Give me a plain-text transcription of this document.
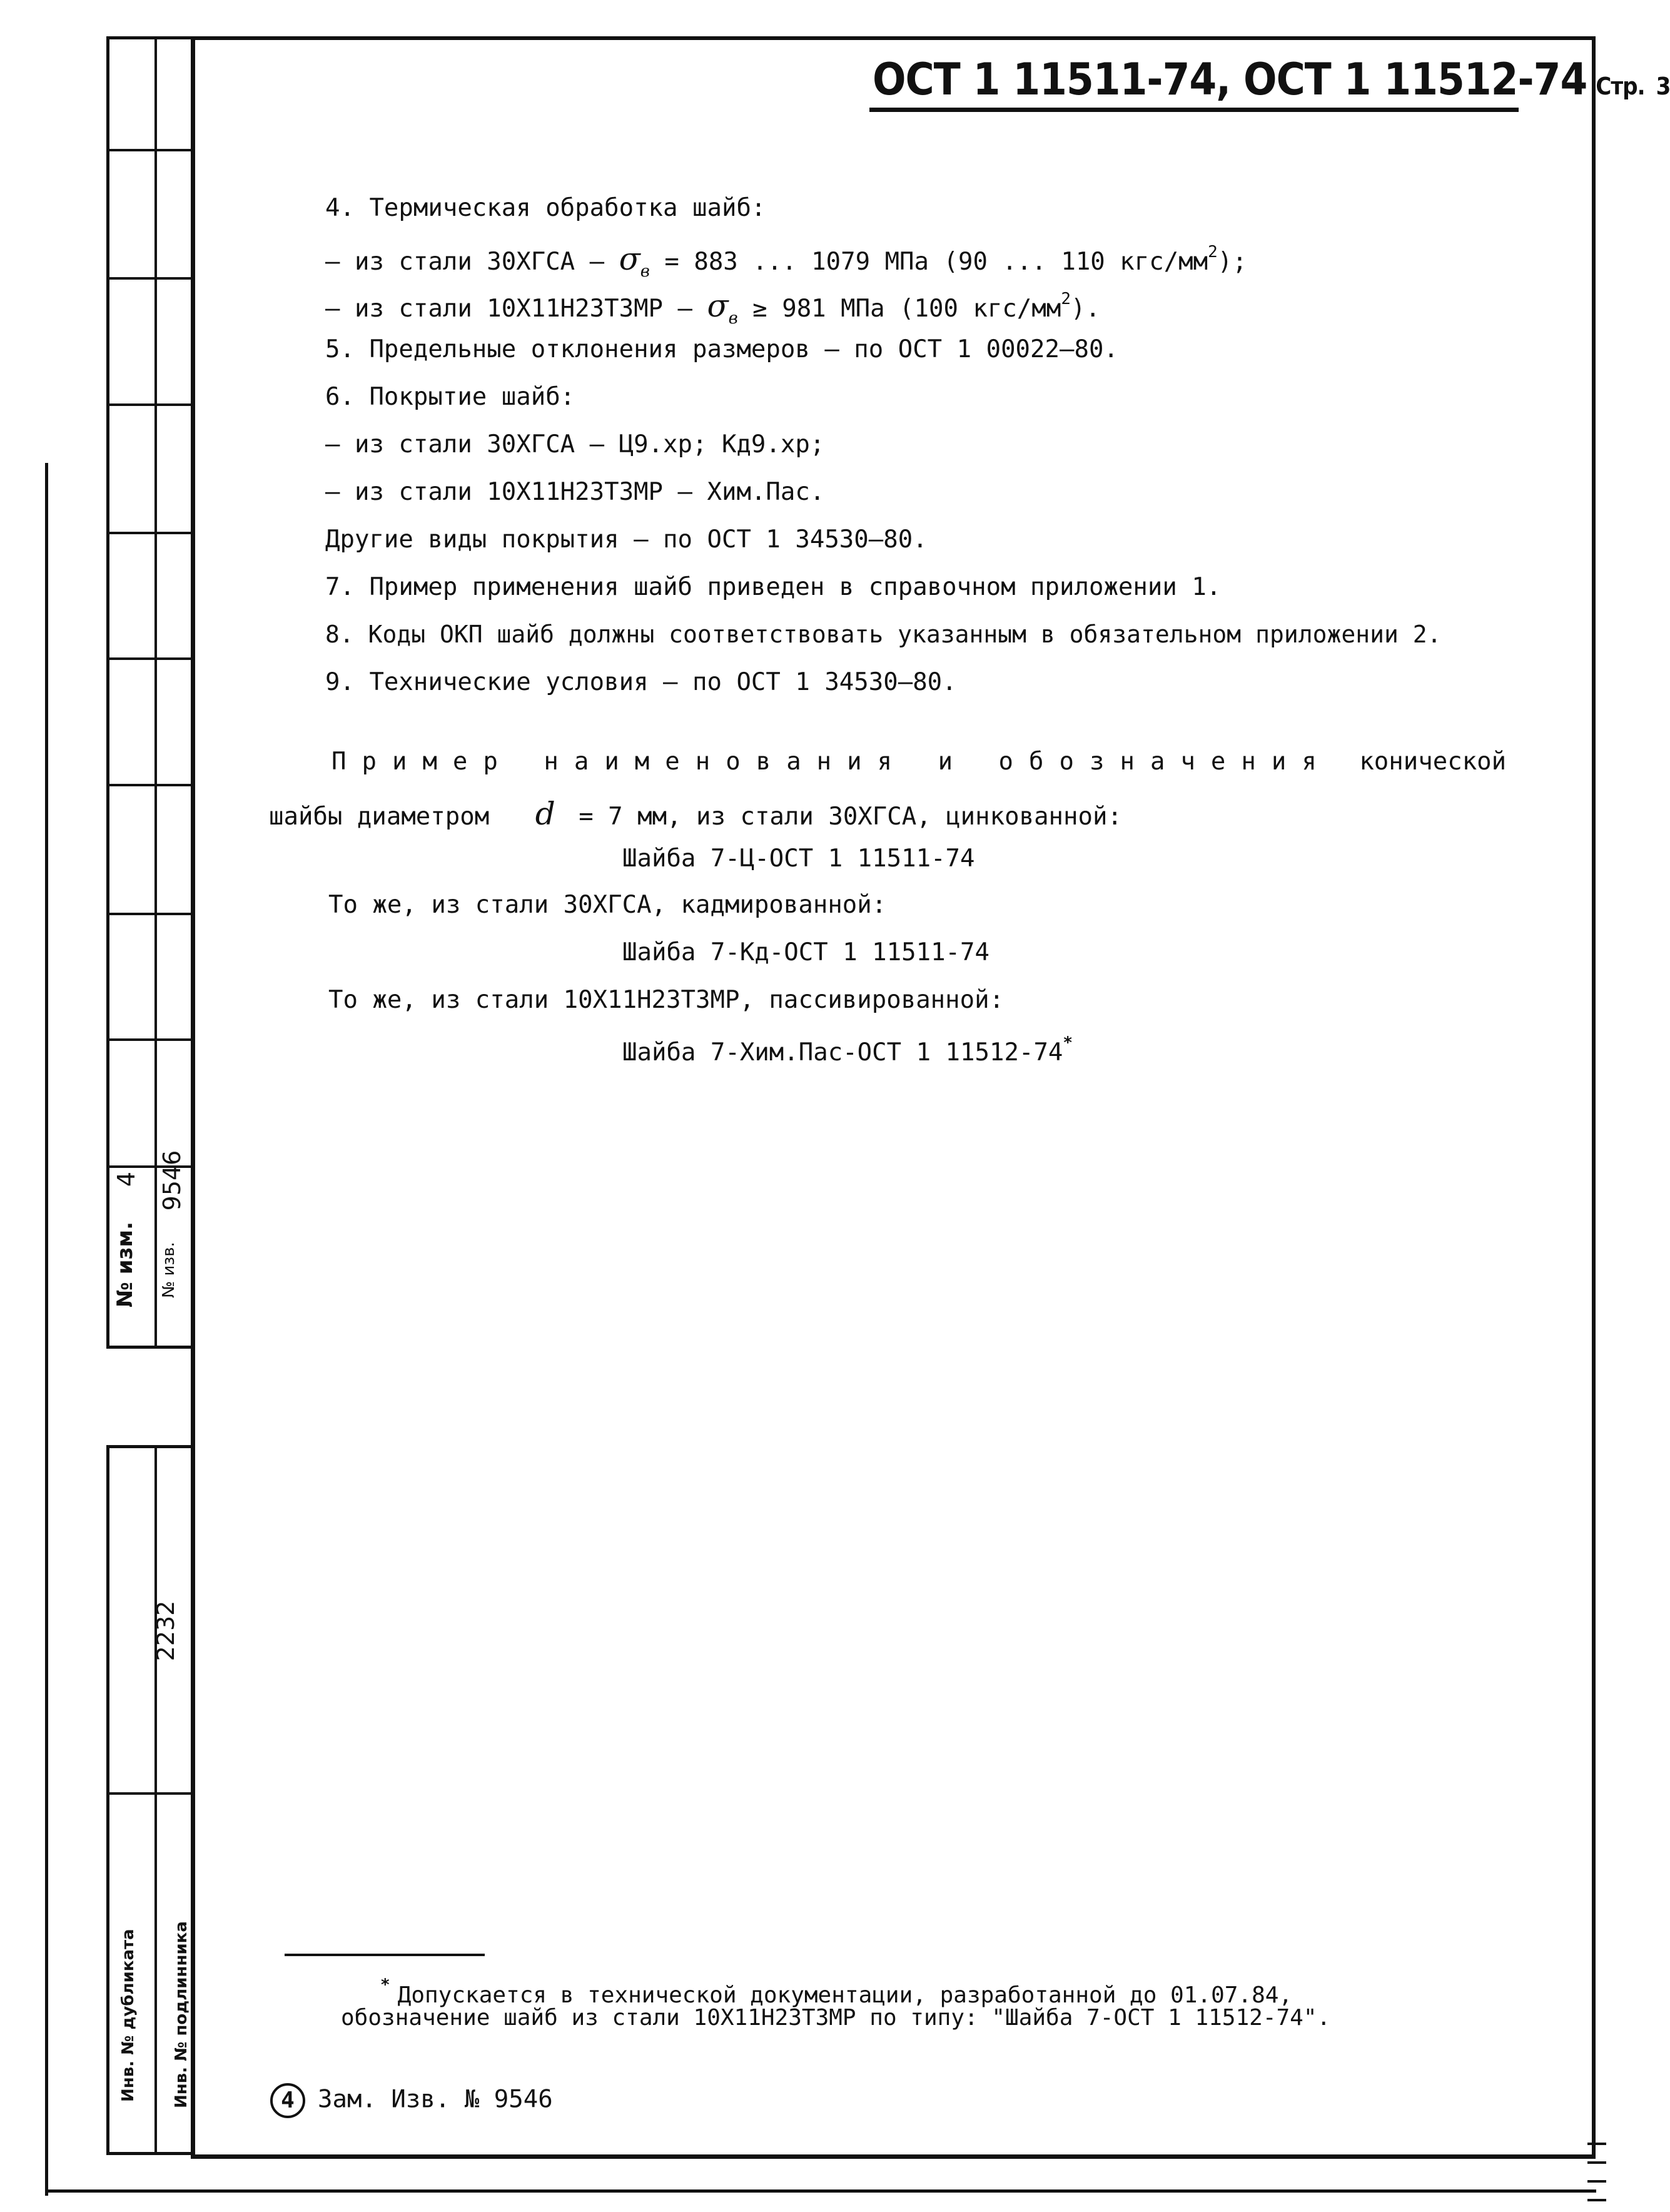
№ изм.
4
№ изв.
9546
Инв. № дубликата	Инв. № подлинника
2232
ОСТ 1 11511-74, ОСТ 1 11512-74 Стр. 3
4. Термическая обработка шайб:
– из стали 30ХГСА – $\sigma_в = 883$ ... 1079 МПа (90 ... 110 кгс/$мм^2$);
– из стали $10Х11Н23Т3МР - \sigma_в \ge 981$ МПа (100 кгс/$мм^2$).
5. Предельные отклонения размеров – по ОСТ 1 00022–80.
6. Покрытие шайб:
– из стали 30ХГСА – Ц9.хр; Кд9.хр;
– из стали 10Х11Н23Т3МР – Хим.Пас.
Другие виды покрытия – по ОСТ 1 34530–80.
7. Пример применения шайб приведен в справочном приложении 1.
8. Коды ОКП шайб должны соответствовать указанным в обязательном приложении 2.
9. Технические условия – по ОСТ 1 34530–80.
Пример наименования и обозначения конической
шайбы диаметром d = 7 мм, из стали 30ХГСА, цинкованной:
Шайба 7-Ц-ОСТ 1 11511-74
То же, из стали 30ХГСА, кадмированной:
Шайба 7-Кд-ОСТ 1 11511-74
То же, из стали 10Х11Н23Т3МР, пассивированной:
Шайба 7-Хим.Пас-ОСТ 1 11512-74*
* Допускается в технической документации, разработанной до 01.07.84,
обозначение шайб из стали 10Х11Н23Т3МР по типу: "Шайба 7-ОСТ 1 11512-74".
4 Зам. Изв. № 9546
